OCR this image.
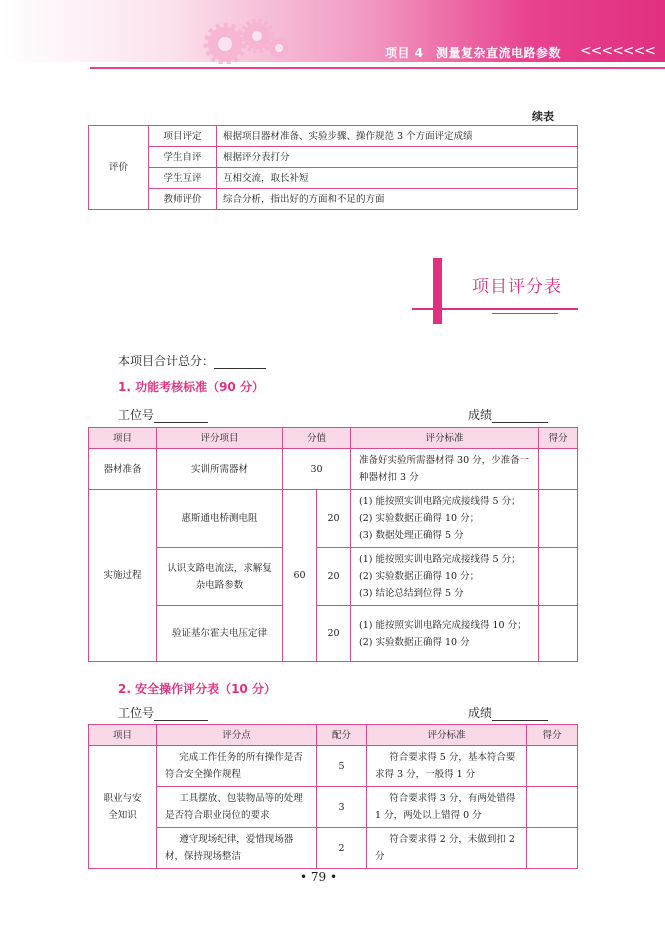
项目 4　测量复杂直流电路参数 <<<<<<<
续表
评价	项目评定	根据项目器材准备、实验步骤、操作规范 3 个方面评定成绩
	学生自评	根据评分表打分
	学生互评	互相交流，取长补短
	教师评价	综合分析，指出好的方面和不足的方面
项目评分表
本项目合计总分：
1. 功能考核标准（90 分）
工位号	成绩
项目	评分项目	分值		评分标准	得分
器材准备	实训所需器材	30		准备好实验所需器材得 30 分，少准备一种器材扣 3 分	
实施过程	惠斯通电桥测电阻	60	20	(1) 能按照实训电路完成接线得 5 分；
(2) 实验数据正确得 10 分；
(3) 数据处理正确得 5 分	

	认识支路电流法，求解复杂电路参数		20	(1) 能按照实训电路完成接线得 5 分；
(2) 实验数据正确得 10 分；
(3) 结论总结到位得 5 分	

	验证基尔霍夫电压定律		20	(1) 能按照实训电路完成接线得 10 分；
(2) 实验数据正确得 10 分	

2. 安全操作评分表（10 分）
工位号	成绩
项目	评分点	配分	评分标准	得分
职业与安全知识	完成工作任务的所有操作是否符合安全操作规程	5	符合要求得 5 分，基本符合要求得 3 分，一般得 1 分	
	工具摆放、包装物品等的处理是否符合职业岗位的要求	3	符合要求得 3 分，有两处错得 1 分，两处以上错得 0 分	
	遵守现场纪律，爱惜现场器材，保持现场整洁	2	符合要求得 2 分，未做到扣 2 分	
• 79 •
